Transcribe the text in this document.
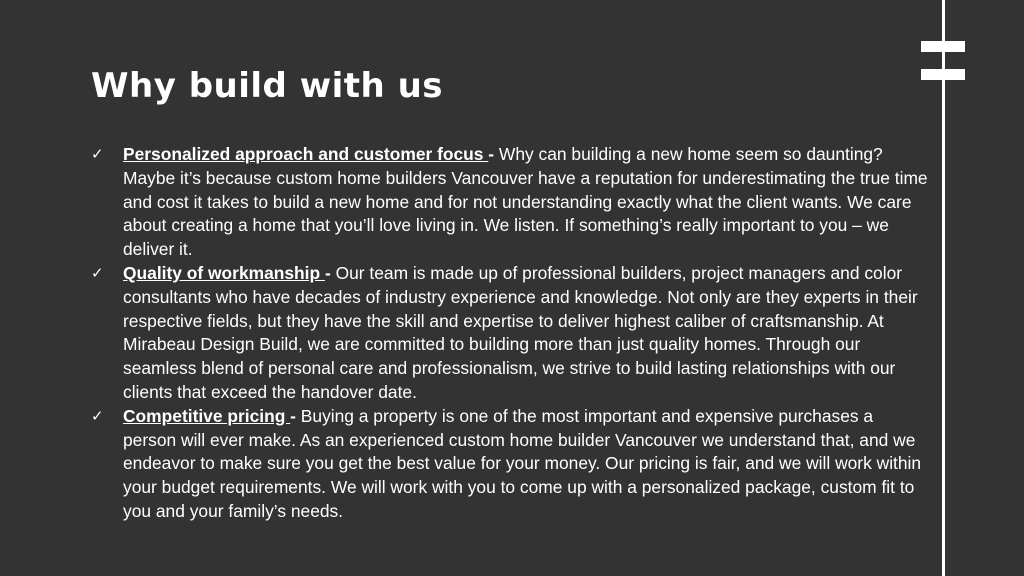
Why build with us
✓	Personalized approach and customer focus - Why can building a new home seem so daunting? Maybe it’s because custom home builders Vancouver have a reputation for underestimating the true time and cost it takes to build a new home and for not understanding exactly what the client wants. We care about creating a home that you’ll love living in. We listen. If something’s really important to you – we deliver it.
✓	Quality of workmanship - Our team is made up of professional builders, project managers and color consultants who have decades of industry experience and knowledge. Not only are they experts in their respective fields, but they have the skill and expertise to deliver highest caliber of craftsmanship. At Mirabeau Design Build, we are committed to building more than just quality homes. Through our seamless blend of personal care and professionalism, we strive to build lasting relationships with our clients that exceed the handover date.
✓	Competitive pricing - Buying a property is one of the most important and expensive purchases a person will ever make. As an experienced custom home builder Vancouver we understand that, and we endeavor to make sure you get the best value for your money. Our pricing is fair, and we will work within your budget requirements. We will work with you to come up with a personalized package, custom fit to you and your family’s needs.
